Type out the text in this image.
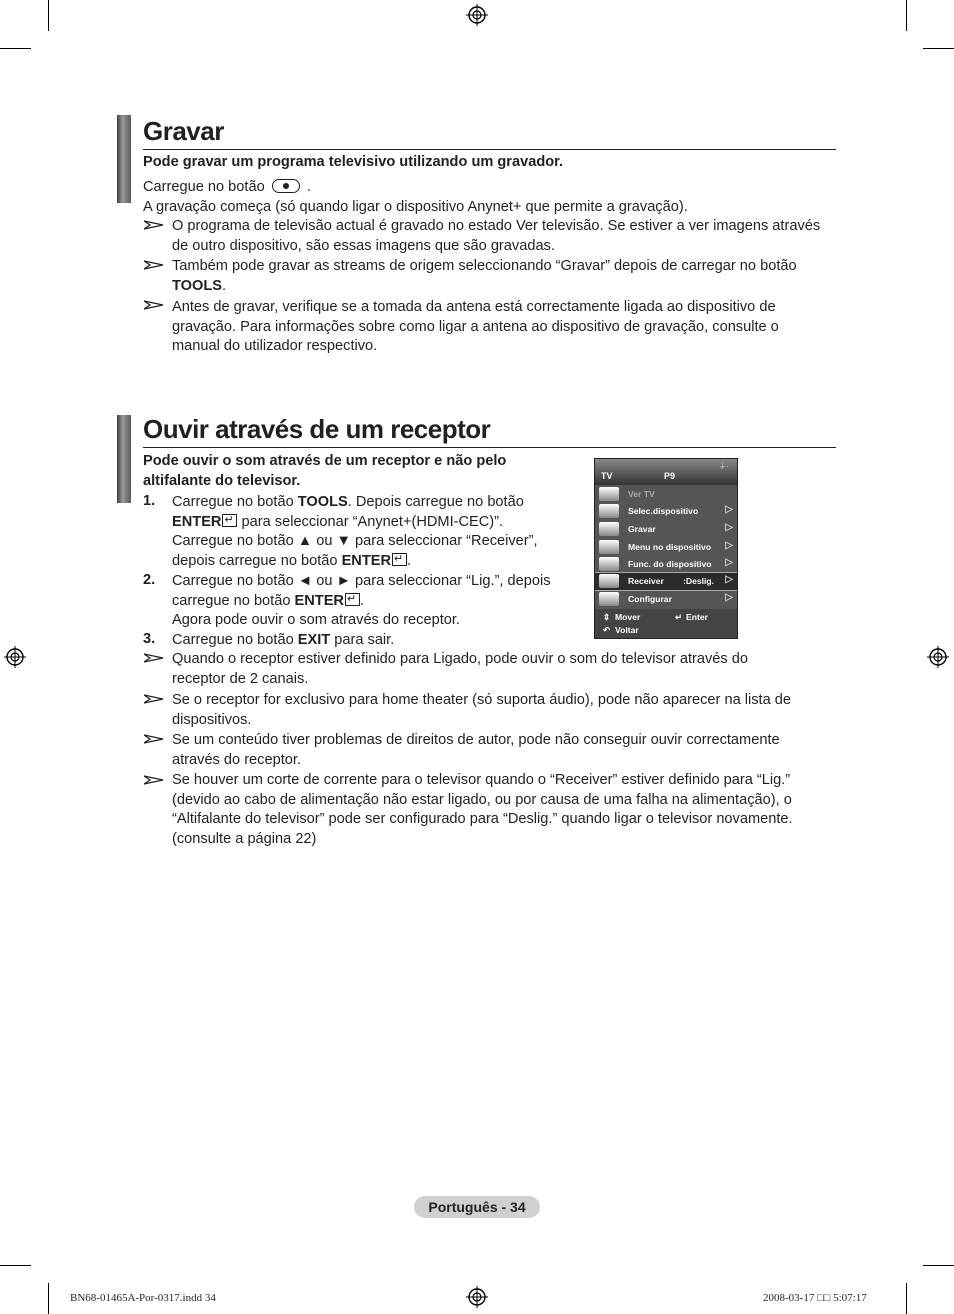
Gravar
Pode gravar um programa televisivo utilizando um gravador.
Carregue no botão	.
A gravação começa (só quando ligar o dispositivo Anynet+ que permite a gravação).
O programa de televisão actual é gravado no estado Ver televisão. Se estiver a ver imagens através
de outro dispositivo, são essas imagens que são gravadas.
Também pode gravar as streams de origem seleccionando “Gravar” depois de carregar no botão
TOOLS.
Antes de gravar, verifique se a tomada da antena está correctamente ligada ao dispositivo de
gravação. Para informações sobre como ligar a antena ao dispositivo de gravação, consulte o
manual do utilizador respectivo.
Ouvir através de um receptor
Pode ouvir o som através de um receptor e não pelo
altifalante do televisor.
1. Carregue no botão TOOLS. Depois carregue no botão
ENTER↵ para seleccionar “Anynet+(HDMI-CEC)”.
Carregue no botão ▲ ou ▼ para seleccionar “Receiver”,
depois carregue no botão ENTER ↵ .
2. Carregue no botão ◄ ou ► para seleccionar “Lig.”, depois
carregue no botão ENTER ↵ .
Agora pode ouvir o som através do receptor.
3. Carregue no botão EXIT para sair.
Quando o receptor estiver definido para Ligado, pode ouvir o som do televisor através do
receptor de 2 canais.
Se o receptor for exclusivo para home theater (só suporta áudio), pode não aparecer na lista de
dispositivos.
Se um conteúdo tiver problemas de direitos de autor, pode não conseguir ouvir correctamente
através do receptor.
Se houver um corte de corrente para o televisor quando o “Receiver” estiver definido para “Lig.”
(devido ao cabo de alimentação não estar ligado, ou por causa de uma falha na alimentação), o
“Altifalante do televisor” pode ser configurado para “Deslig.” quando ligar o televisor novamente.
(consulte a página 22)
TV	P9
⏚·
Ver TV
Selec.dispositivo	▷
Gravar	▷
Menu no dispositivo ▷
Func. do dispositivo ▷
Receiver :Deslig. ▷
Configurar	▷
⇕ Mover	↵ Enter
↶ Voltar
Português - 34
BN68-01465A-Por-0317.indd 34	2008-03-17 □□ 5:07:17
